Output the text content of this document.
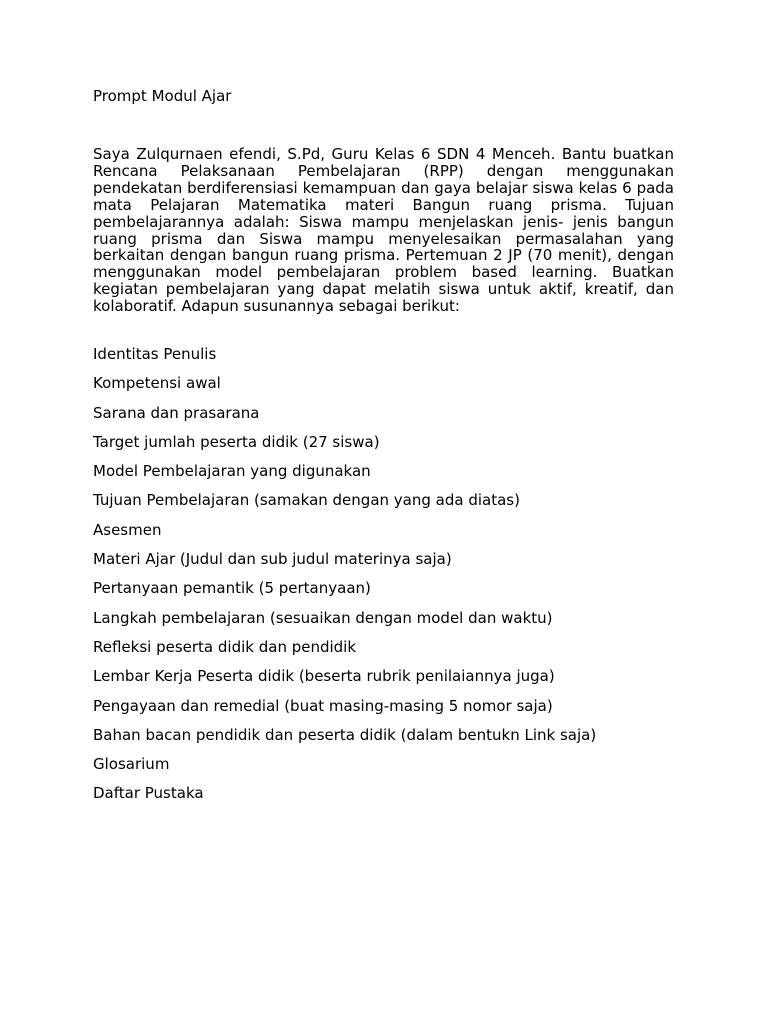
Prompt Modul Ajar

Saya Zulqurnaen efendi, S.Pd, Guru Kelas 6 SDN 4 Menceh. Bantu buatkan Rencana Pelaksanaan Pembelajaran (RPP) dengan menggunakan pendekatan berdiferensiasi kemampuan dan gaya belajar siswa kelas 6 pada mata Pelajaran Matematika materi Bangun ruang prisma. Tujuan pembelajarannya adalah: Siswa mampu menjelaskan jenis- jenis bangun ruang prisma dan Siswa mampu menyelesaikan permasalahan yang berkaitan dengan bangun ruang prisma. Pertemuan 2 JP (70 menit), dengan menggunakan model pembelajaran problem based learning. Buatkan kegiatan pembelajaran yang dapat melatih siswa untuk aktif, kreatif, dan kolaboratif. Adapun susunannya sebagai berikut:

Identitas Penulis
Kompetensi awal
Sarana dan prasarana
Target jumlah peserta didik (27 siswa)
Model Pembelajaran yang digunakan
Tujuan Pembelajaran (samakan dengan yang ada diatas)
Asesmen
Materi Ajar (Judul dan sub judul materinya saja)
Pertanyaan pemantik (5 pertanyaan)
Langkah pembelajaran (sesuaikan dengan model dan waktu)
Refleksi peserta didik dan pendidik
Lembar Kerja Peserta didik (beserta rubrik penilaiannya juga)
Pengayaan dan remedial (buat masing-masing 5 nomor saja)
Bahan bacan pendidik dan peserta didik (dalam bentukn Link saja)
Glosarium
Daftar Pustaka
